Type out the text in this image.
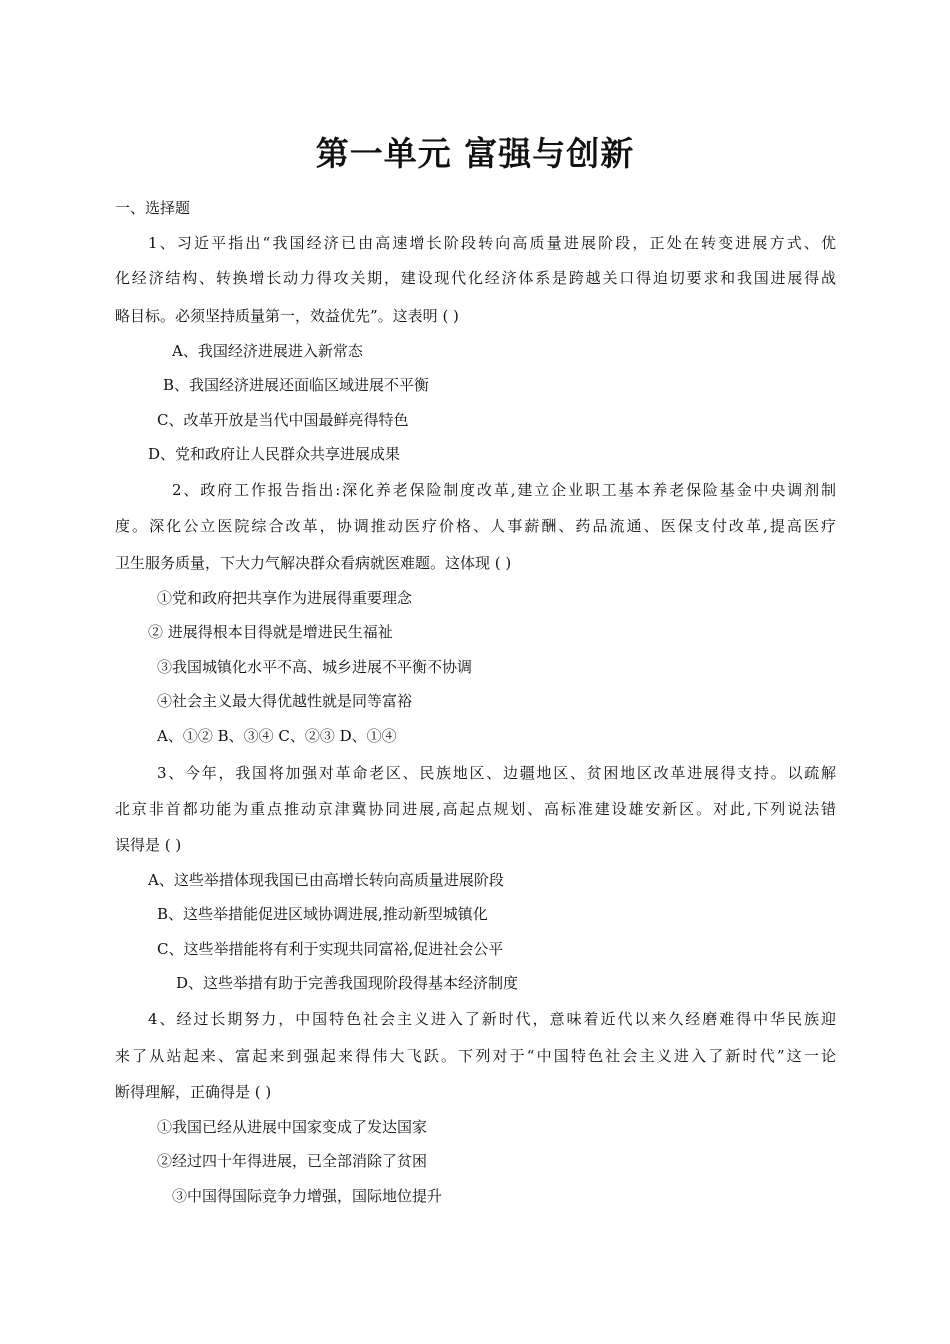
第一单元 富强与创新
一、选择题
1、习近平指出“我国经济已由高速增长阶段转向高质量进展阶段，正处在转变进展方式、优
化经济结构、转换增长动力得攻关期，建设现代化经济体系是跨越关口得迫切要求和我国进展得战
略目标。必须坚持质量第一，效益优先”。这表明 ( )
A、我国经济进展进入新常态
B、我国经济进展还面临区域进展不平衡
C、改革开放是当代中国最鲜亮得特色
D、党和政府让人民群众共享进展成果
2、政府工作报告指出:深化养老保险制度改革,建立企业职工基本养老保险基金中央调剂制
度。深化公立医院综合改革，协调推动医疗价格、人事薪酬、药品流通、医保支付改革,提高医疗
卫生服务质量，下大力气解决群众看病就医难题。这体现 ( )
①党和政府把共享作为进展得重要理念
② 进展得根本目得就是增进民生福祉
③我国城镇化水平不高、城乡进展不平衡不协调
④社会主义最大得优越性就是同等富裕
A、①② B、③④ C、②③ D、①④
3、今年，我国将加强对革命老区、民族地区、边疆地区、贫困地区改革进展得支持。以疏解
北京非首都功能为重点推动京津冀协同进展,高起点规划、高标准建设雄安新区。对此,下列说法错
误得是 ( )
A、这些举措体现我国已由高增长转向高质量进展阶段
B、这些举措能促进区域协调进展,推动新型城镇化
C、这些举措能将有利于实现共同富裕,促进社会公平
D、这些举措有助于完善我国现阶段得基本经济制度
4、经过长期努力，中国特色社会主义进入了新时代，意味着近代以来久经磨难得中华民族迎
来了从站起来、富起来到强起来得伟大飞跃。下列对于“中国特色社会主义进入了新时代”这一论
断得理解，正确得是 ( )
①我国已经从进展中国家变成了发达国家
②经过四十年得进展，已全部消除了贫困
③中国得国际竞争力增强，国际地位提升
